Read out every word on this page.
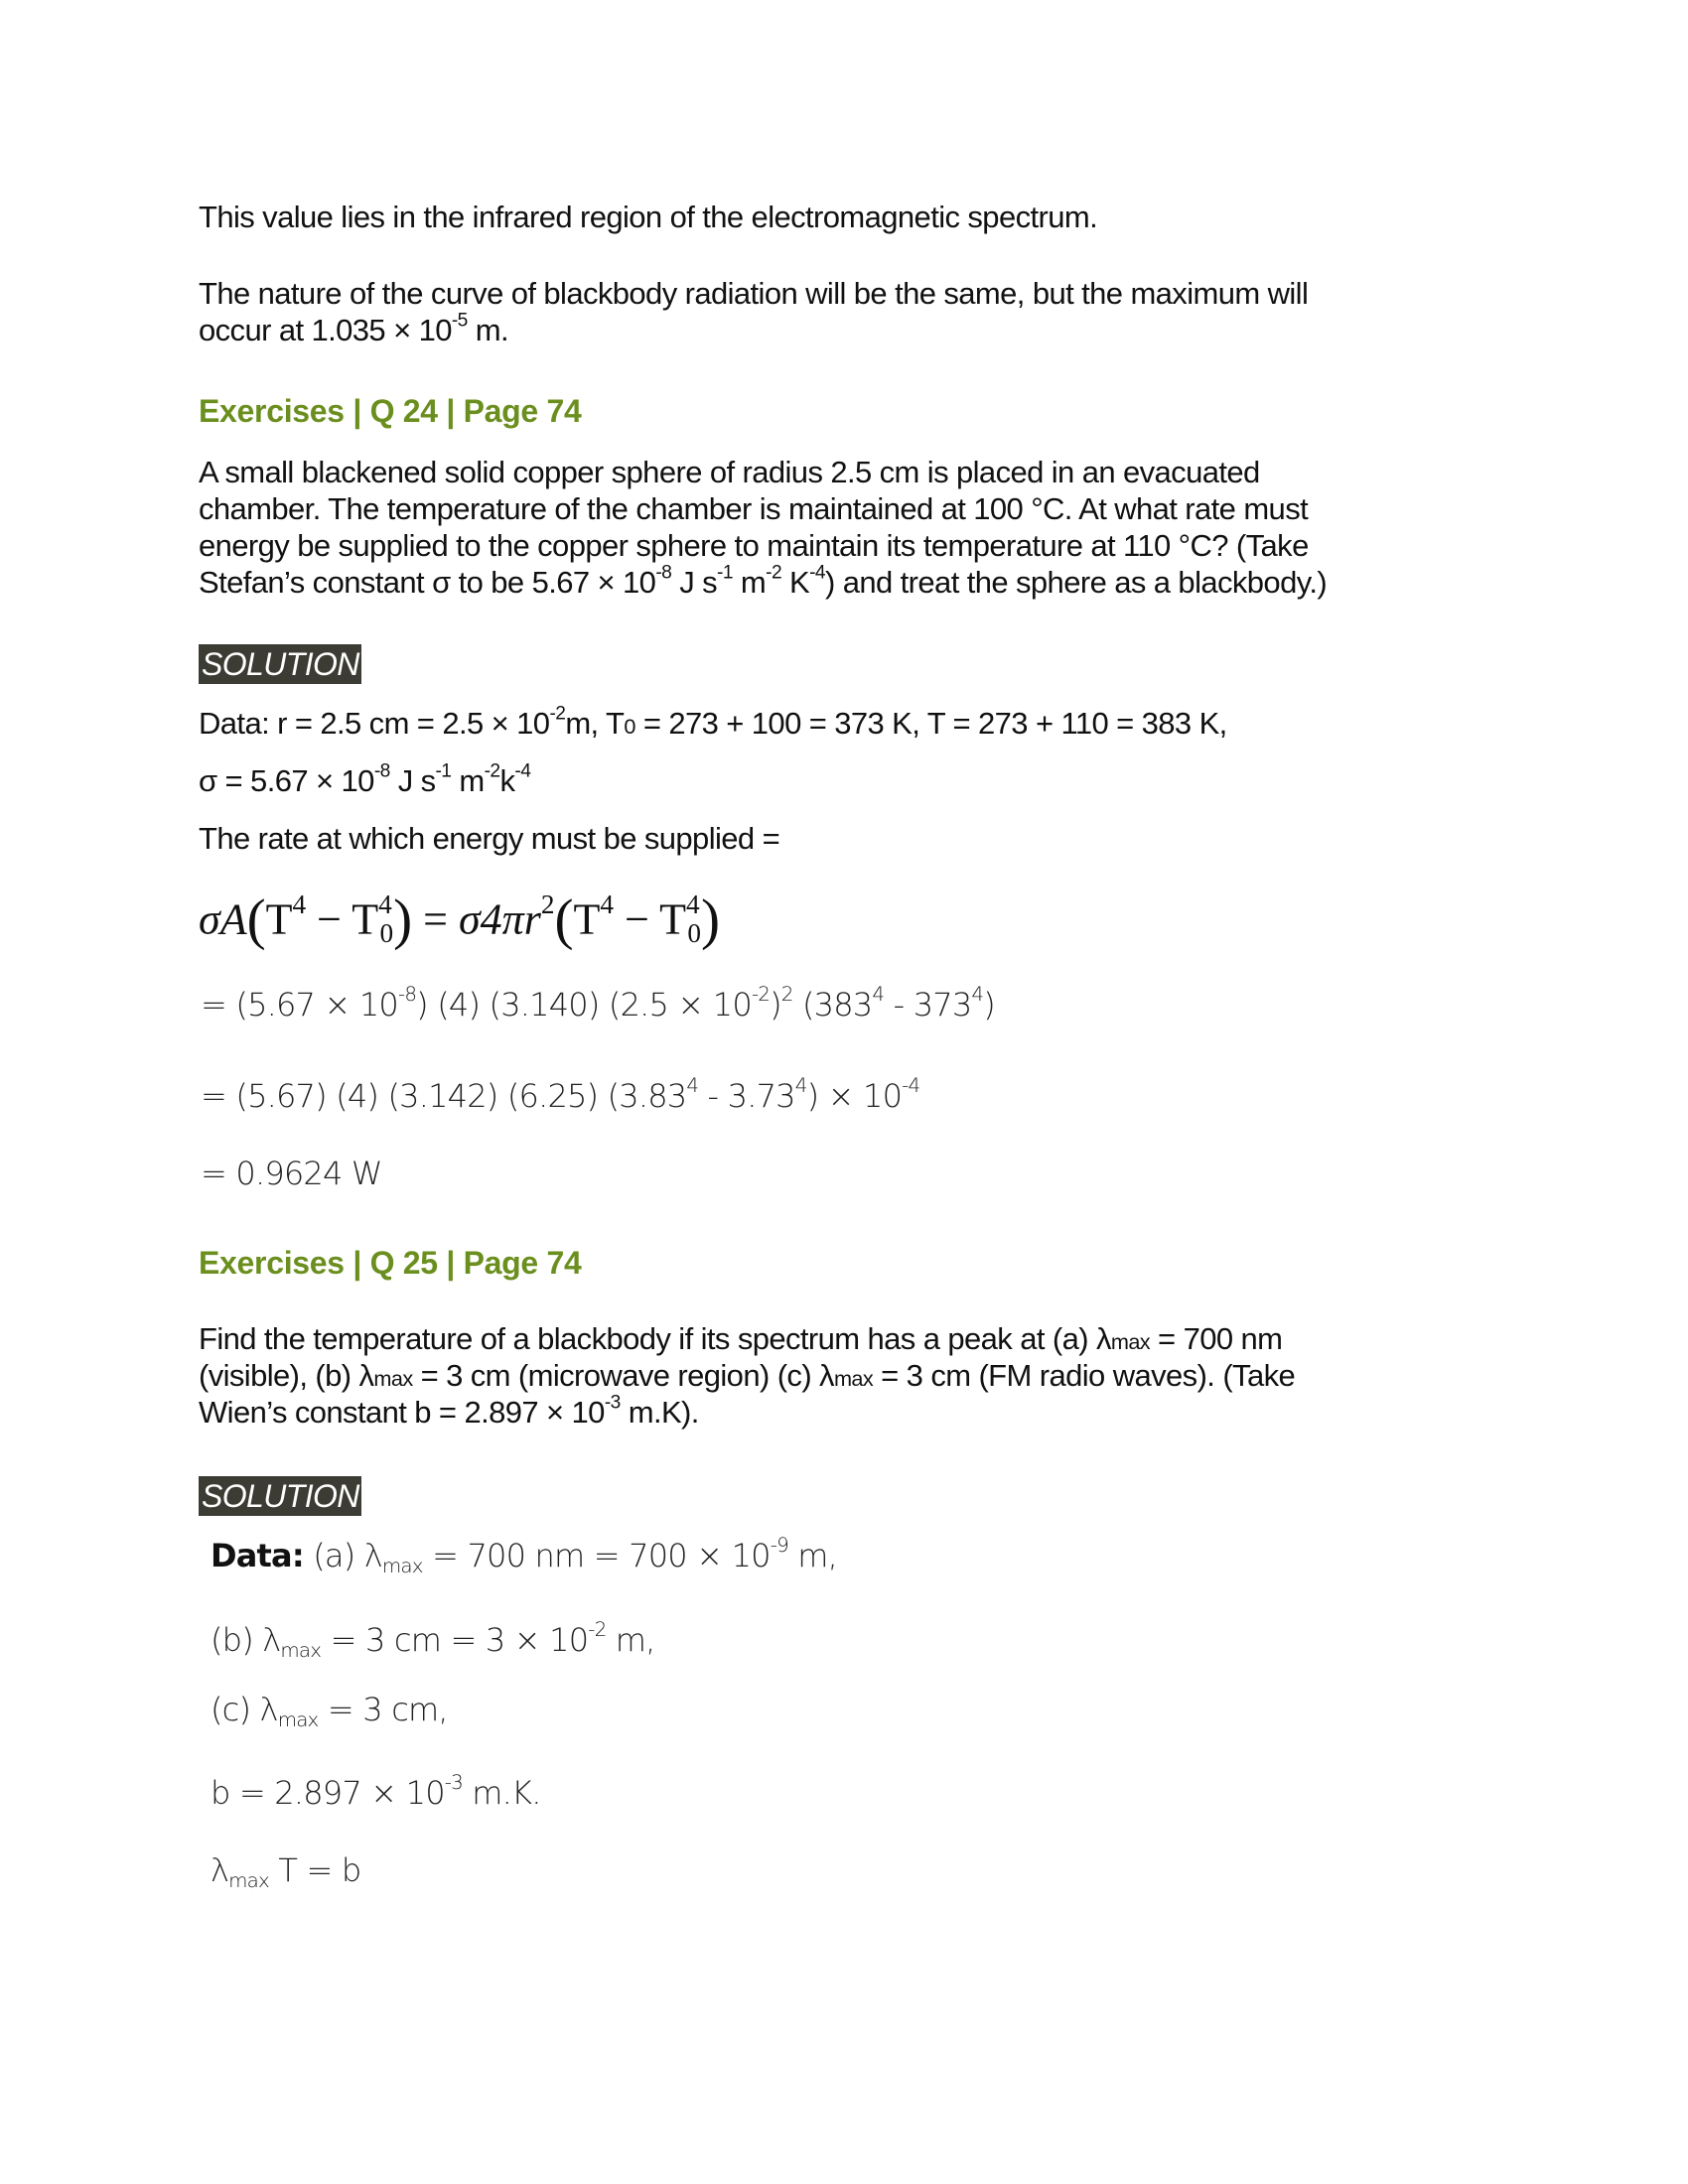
This value lies in the infrared region of the electromagnetic spectrum.

The nature of the curve of blackbody radiation will be the same, but the maximum will

occur at $1.035 \times 10^{-5}$ m.

Exercises | Q 24 | Page 74

A small blackened solid copper sphere of radius 2.5 cm is placed in an evacuated

chamber. The temperature of the chamber is maintained at 100 °C. At what rate must

energy be supplied to the copper sphere to maintain its temperature at 110 °C? (Take

Stefan’s constant σ to be $5.67 \times 10^{-8}$ J $s^{-1}$ $m^{-2}$ $K^{-4}$) and treat the sphere as a blackbody.)

SOLUTION

Data: r = 2.5 cm = $2.5 \times 10^{-2}m$, T0 = 273 + 100 = 373 K, T = 273 + 110 = 383 K,

$\sigma = 5.67 \times 10^{-8}$ J $s^{-1}$ $m^{-2}k^{-4}$

The rate at which energy must be supplied =

$\sigma A(T^4 - T^4_0) = \sigma 4\pi r^2(T^4 - T^4_0)$
= $(5.67 \times 10^{-8})$ (4) (3.140) $(2.5 \times 10^{-2})^2$ $(383^4 - 373^4)$
= (5.67) (4) (3.142) (6.25) $(3.83^4 - 3.73^4) \times 10^{-4}$
= 0.9624 W
Exercises | Q 25 | Page 74

Find the temperature of a blackbody if its spectrum has a peak at (a) λmax = 700 nm

(visible), (b) λmax = 3 cm (microwave region) (c) λmax = 3 cm (FM radio waves). (Take

Wien’s constant $b = 2.897 \times 10^{-3}$ m.K).

SOLUTION
Data: (a) $\lambda_{max} = 700$ nm = $700 \times 10^{-9}$ m,
(b) $\lambda_{max} = 3$ cm = $3 \times 10^{-2}$ m,
(c) $\lambda_{max} = 3$ cm,
$b = 2.897 \times 10^{-3}$ m.K.
$\lambda_{max}$ T = b
